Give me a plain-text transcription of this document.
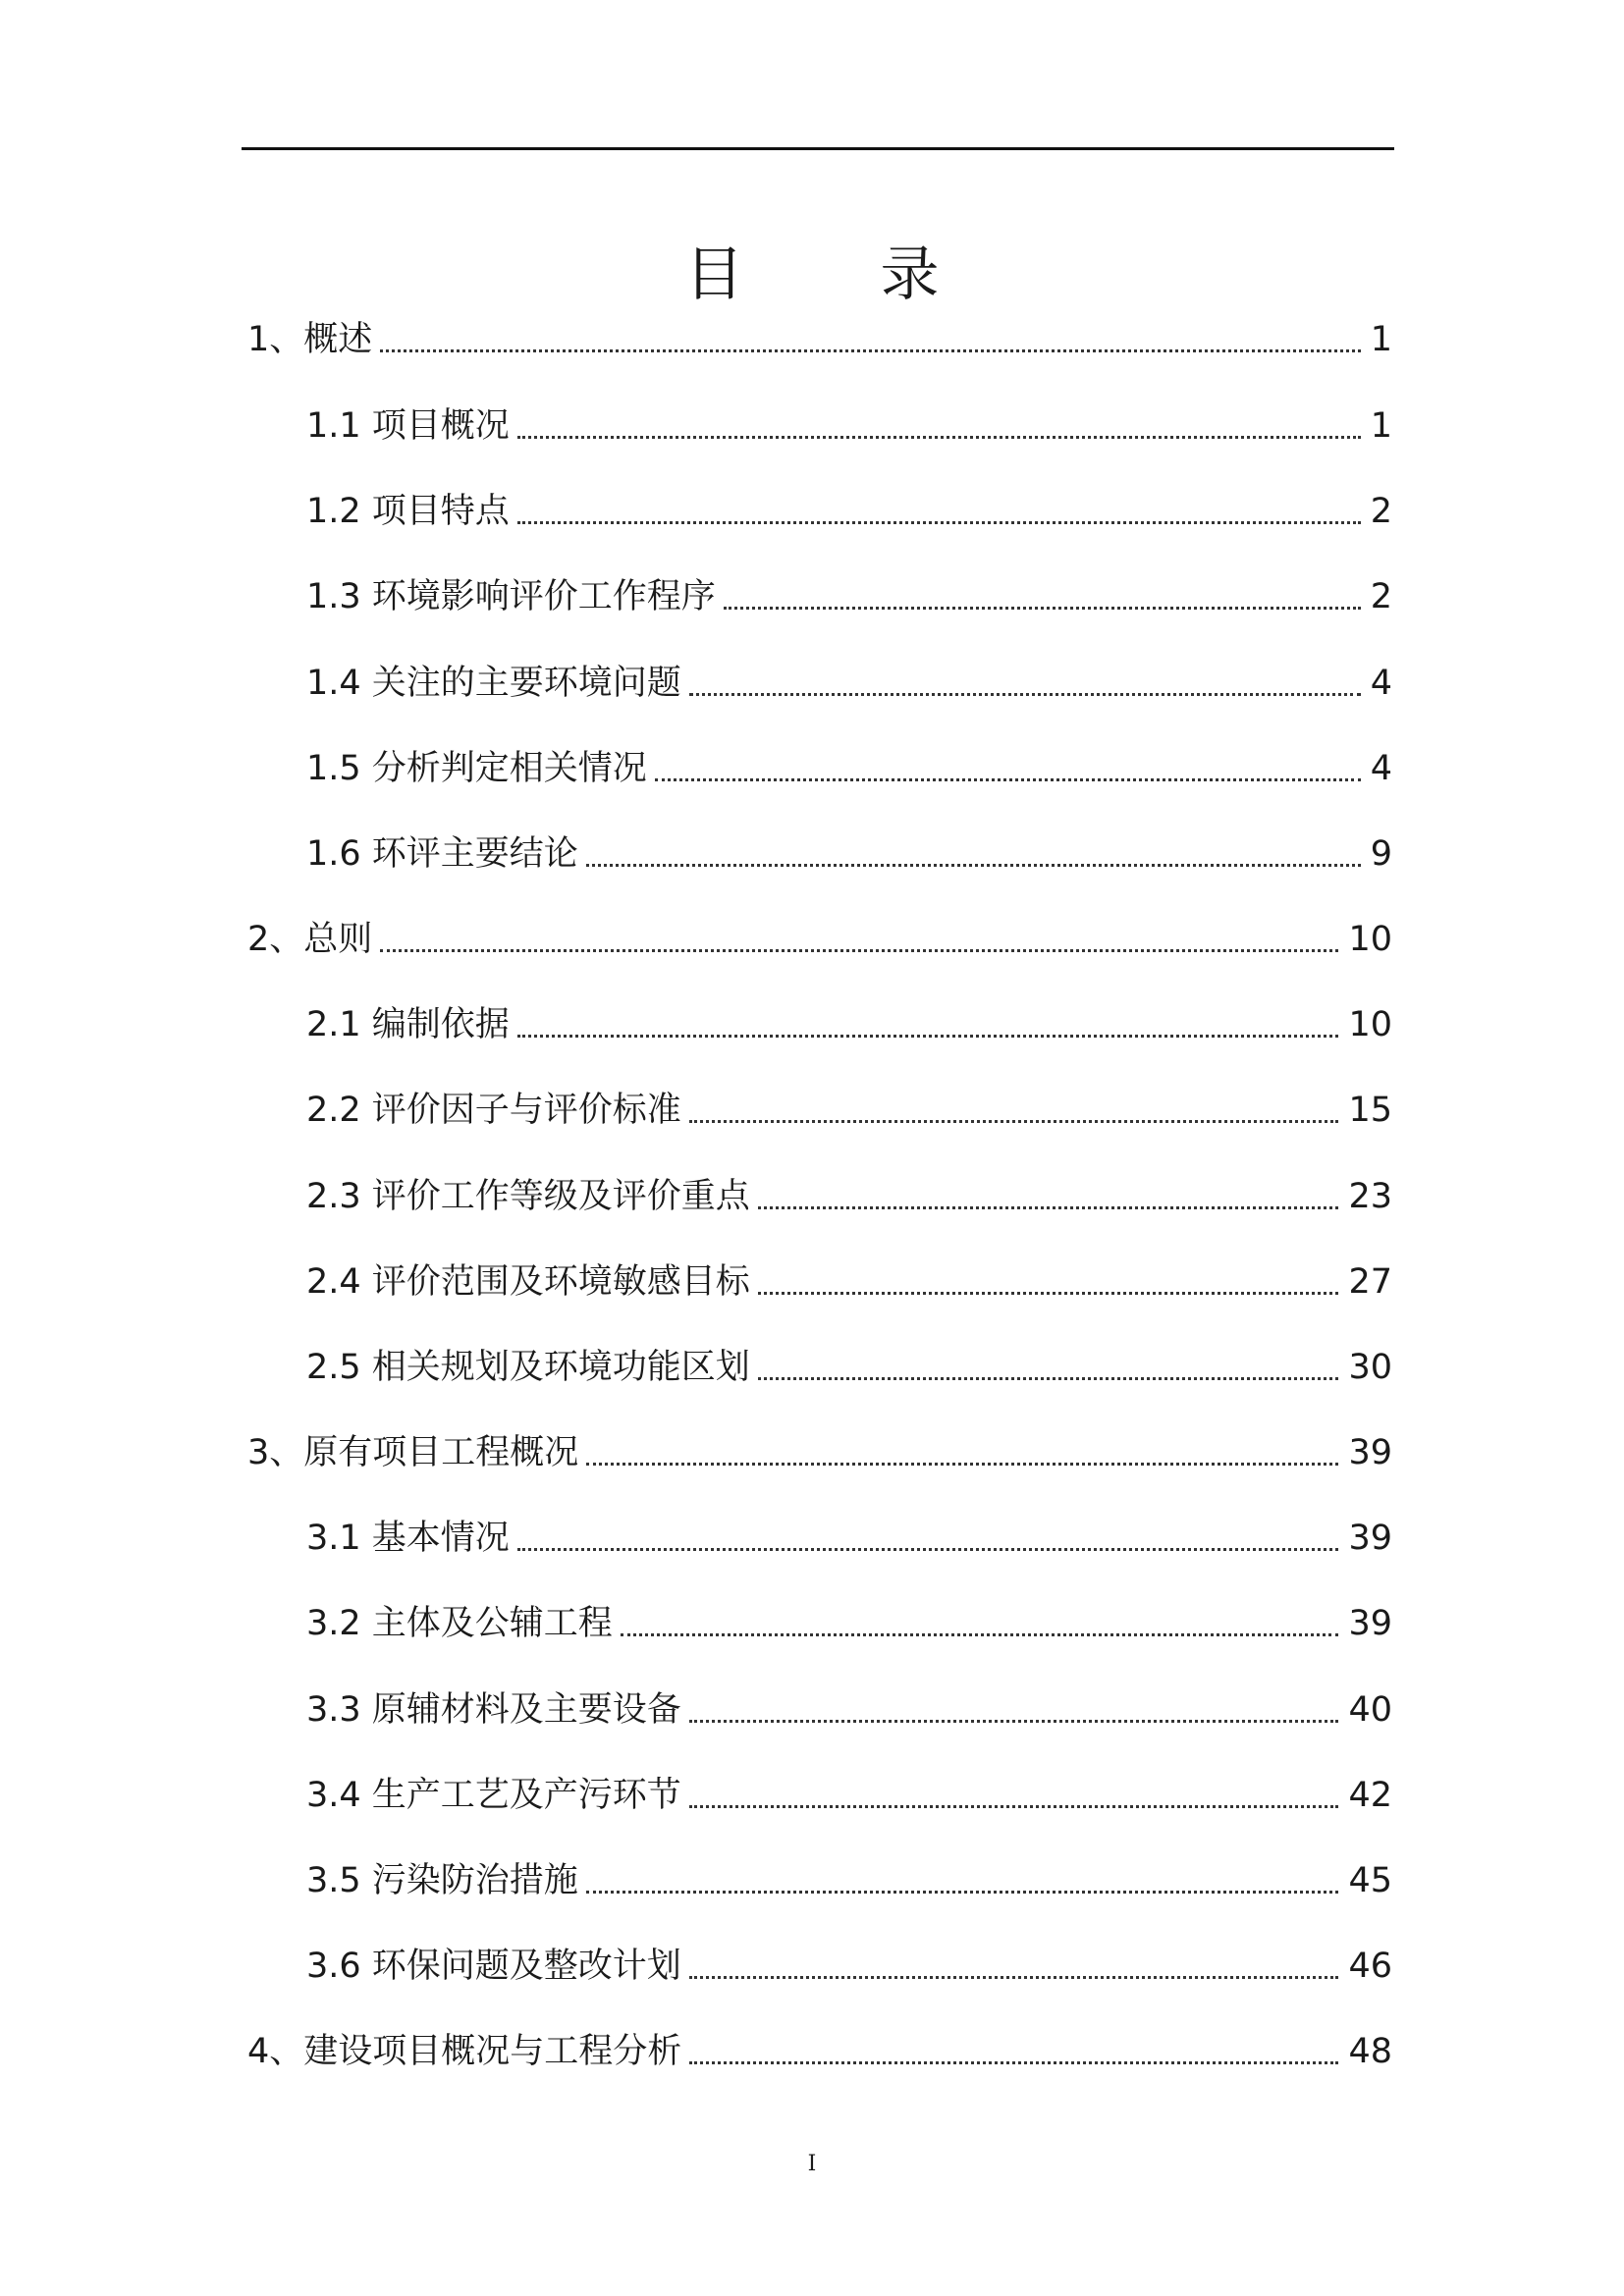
目 录
1、概述	1
1.1 项目概况	1
1.2 项目特点	2
1.3 环境影响评价工作程序	2
1.4 关注的主要环境问题	4
1.5 分析判定相关情况	4
1.6 环评主要结论	9
2、总则	10
2.1 编制依据	10
2.2 评价因子与评价标准	15
2.3 评价工作等级及评价重点	23
2.4 评价范围及环境敏感目标	27
2.5 相关规划及环境功能区划	30
3、原有项目工程概况	39
3.1 基本情况	39
3.2 主体及公辅工程	39
3.3 原辅材料及主要设备	40
3.4 生产工艺及产污环节	42
3.5 污染防治措施	45
3.6 环保问题及整改计划	46
4、建设项目概况与工程分析	48
I
